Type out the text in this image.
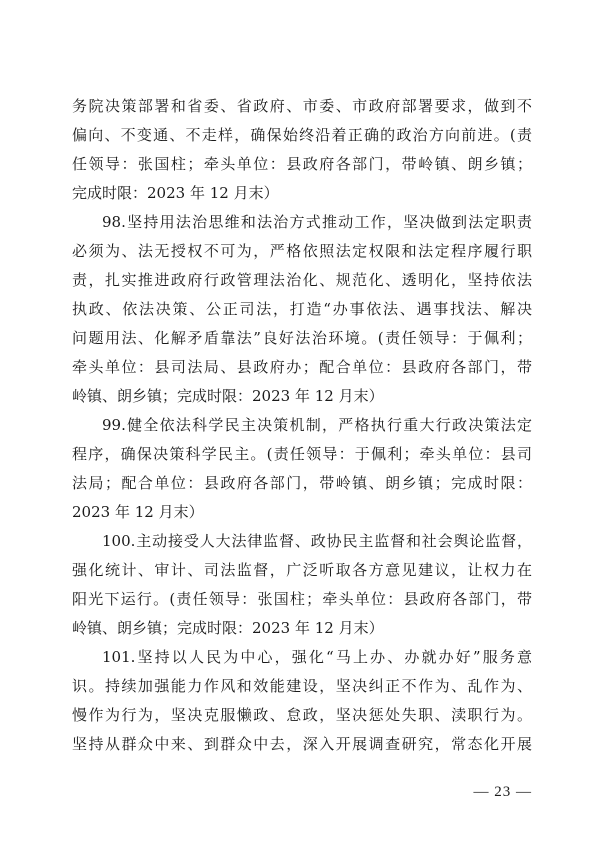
务院决策部署和省委、省政府、市委、市政府部署要求，做到不
偏向、不变通、不走样，确保始终沿着正确的政治方向前进。(责
任领导：张国柱；牵头单位：县政府各部门，带岭镇、朗乡镇；
完成时限：2023 年 12 月末）
98.坚持用法治思维和法治方式推动工作，坚决做到法定职责
必须为、法无授权不可为，严格依照法定权限和法定程序履行职
责，扎实推进政府行政管理法治化、规范化、透明化，坚持依法
执政、依法决策、公正司法，打造“办事依法、遇事找法、解决
问题用法、化解矛盾靠法”良好法治环境。(责任领导：于佩利；
牵头单位：县司法局、县政府办；配合单位：县政府各部门，带
岭镇、朗乡镇；完成时限：2023 年 12 月末）
99.健全依法科学民主决策机制，严格执行重大行政决策法定
程序，确保决策科学民主。(责任领导：于佩利；牵头单位：县司
法局；配合单位：县政府各部门，带岭镇、朗乡镇；完成时限：
2023 年 12 月末）
100.主动接受人大法律监督、政协民主监督和社会舆论监督，
强化统计、审计、司法监督，广泛听取各方意见建议，让权力在
阳光下运行。(责任领导：张国柱；牵头单位：县政府各部门，带
岭镇、朗乡镇；完成时限：2023 年 12 月末）
101.坚持以人民为中心，强化“马上办、办就办好”服务意
识。持续加强能力作风和效能建设，坚决纠正不作为、乱作为、
慢作为行为，坚决克服懒政、怠政，坚决惩处失职、渎职行为。
坚持从群众中来、到群众中去，深入开展调查研究，常态化开展
— 23 —
